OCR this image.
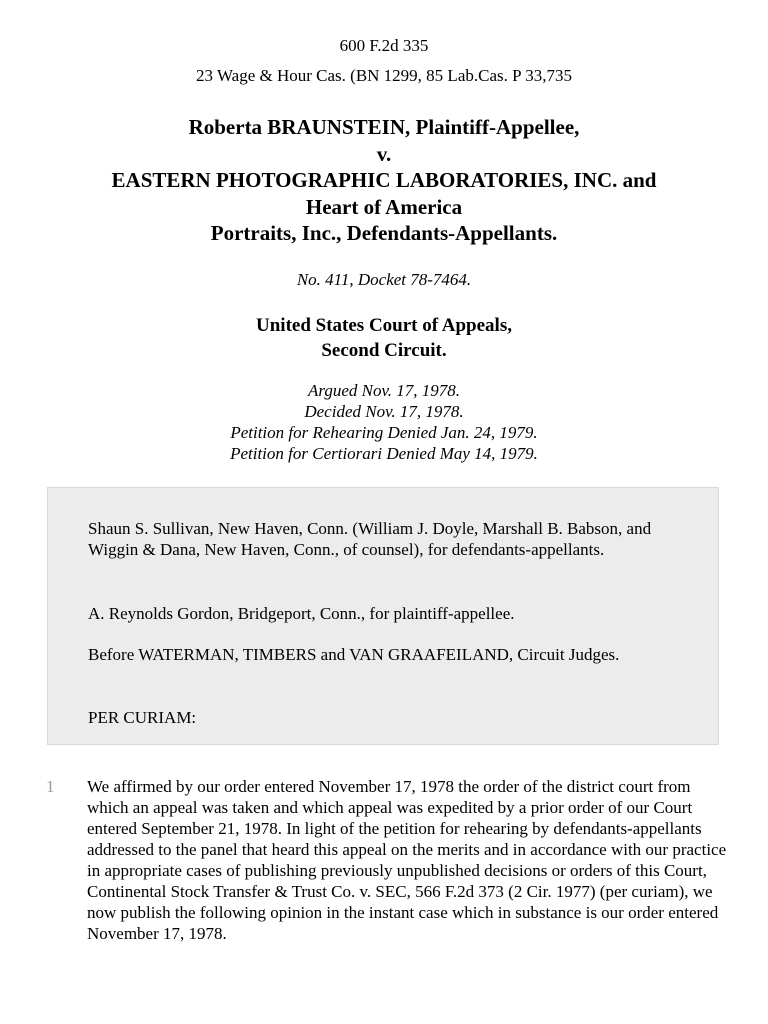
600 F.2d 335
23 Wage & Hour Cas. (BN 1299, 85 Lab.Cas. P 33,735
Roberta BRAUNSTEIN, Plaintiff-Appellee,
v.
EASTERN PHOTOGRAPHIC LABORATORIES, INC. and
Heart of America
Portraits, Inc., Defendants-Appellants.
No. 411, Docket 78-7464.
United States Court of Appeals,
Second Circuit.
Argued Nov. 17, 1978.
Decided Nov. 17, 1978.
Petition for Rehearing Denied Jan. 24, 1979.
Petition for Certiorari Denied May 14, 1979.

Shaun S. Sullivan, New Haven, Conn. (William J. Doyle, Marshall B. Babson, and Wiggin & Dana, New Haven, Conn., of counsel), for defendants-appellants.

A. Reynolds Gordon, Bridgeport, Conn., for plaintiff-appellee.

Before WATERMAN, TIMBERS and VAN GRAAFEILAND, Circuit Judges.

PER CURIAM:

1 We affirmed by our order entered November 17, 1978 the order of the district court from which an appeal was taken and which appeal was expedited by a prior order of our Court entered September 21, 1978. In light of the petition for rehearing by defendants-appellants addressed to the panel that heard this appeal on the merits and in accordance with our practice in appropriate cases of publishing previously unpublished decisions or orders of this Court, Continental Stock Transfer & Trust Co. v. SEC, 566 F.2d 373 (2 Cir. 1977) (per curiam), we now publish the following opinion in the instant case which in substance is our order entered November 17, 1978.
